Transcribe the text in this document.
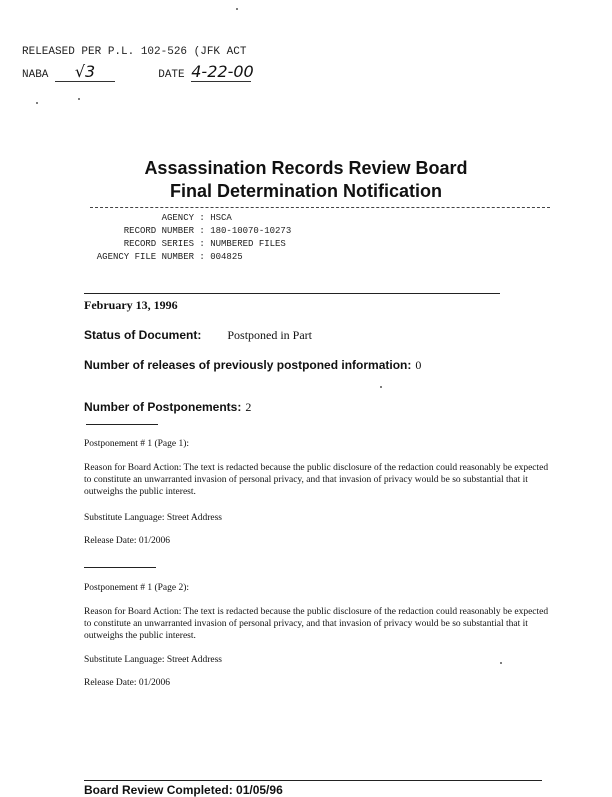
RELEASED PER P.L. 102-526 (JFK ACT
NABA √3	DATE 4-22-00
Assassination Records Review Board
Final Determination Notification
AGENCY : HSCA
RECORD NUMBER : 180-10070-10273
RECORD SERIES : NUMBERED FILES
AGENCY FILE NUMBER : 004825
February 13, 1996
Status of Document: Postponed in Part
Number of releases of previously postponed information: 0
Number of Postponements: 2
Postponement # 1 (Page 1):
Reason for Board Action: The text is redacted because the public disclosure of the redaction could reasonably be expected to constitute an unwarranted invasion of personal privacy, and that invasion of privacy would be so substantial that it outweighs the public interest.
Substitute Language: Street Address
Release Date: 01/2006
Postponement # 1 (Page 2):
Reason for Board Action: The text is redacted because the public disclosure of the redaction could reasonably be expected to constitute an unwarranted invasion of personal privacy, and that invasion of privacy would be so substantial that it outweighs the public interest.
Substitute Language: Street Address
Release Date: 01/2006
Board Review Completed: 01/05/96
